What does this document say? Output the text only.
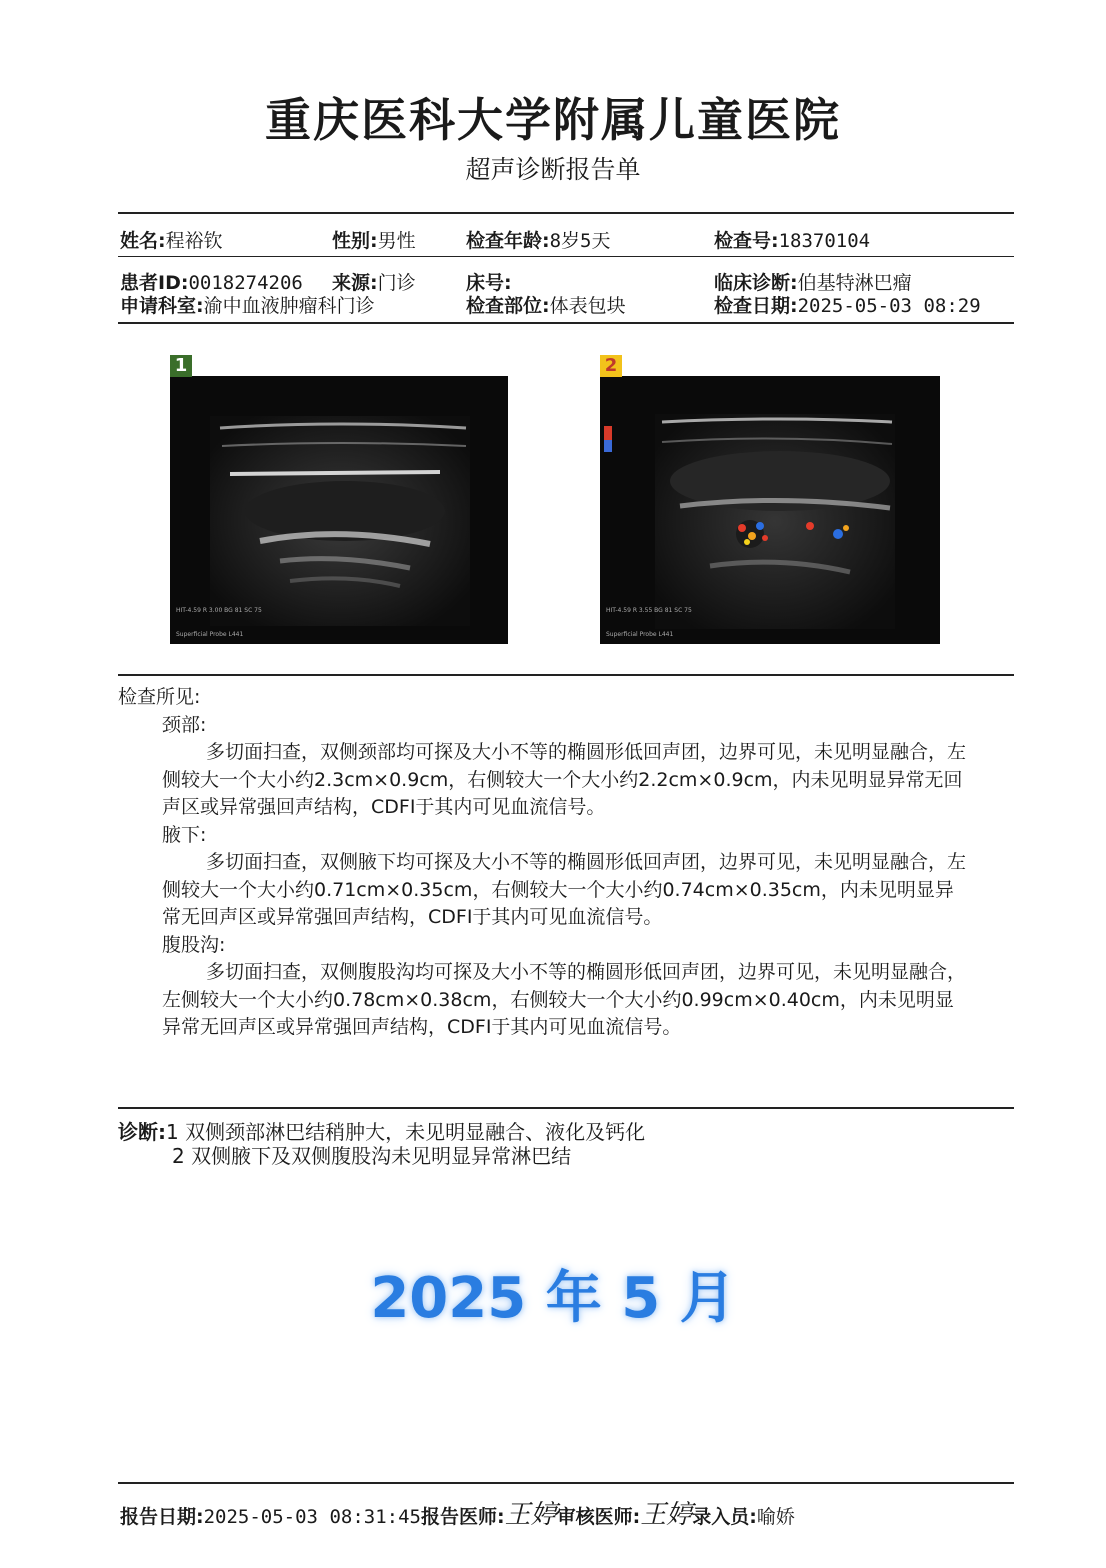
重庆医科大学附属儿童医院
超声诊断报告单
姓名:程裕钦	性别:男性	检查年龄:8岁5天	检查号:18370104
患者ID:0018274206 来源:门诊	床号:	临床诊断:伯基特淋巴瘤
申请科室:渝中血液肿瘤科门诊	检查部位:体表包块	检查日期:2025-05-03 08:29
HIT-4.59 R 3.00 BG 81 SC 75
Superficial Probe L441
1
HIT-4.59 R 3.55 BG 81 SC 75
Superficial Probe L441
2
检查所见:
颈部:
多切面扫查，双侧颈部均可探及大小不等的椭圆形低回声团，边界可见，未见明显融合，左侧较大一个大小约2.3cm×0.9cm，右侧较大一个大小约2.2cm×0.9cm，内未见明显异常无回声区或异常强回声结构，CDFI于其内可见血流信号。
腋下:
多切面扫查，双侧腋下均可探及大小不等的椭圆形低回声团，边界可见，未见明显融合，左侧较大一个大小约0.71cm×0.35cm，右侧较大一个大小约0.74cm×0.35cm，内未见明显异常无回声区或异常强回声结构，CDFI于其内可见血流信号。
腹股沟:
多切面扫查，双侧腹股沟均可探及大小不等的椭圆形低回声团，边界可见，未见明显融合，左侧较大一个大小约0.78cm×0.38cm，右侧较大一个大小约0.99cm×0.40cm，内未见明显异常无回声区或异常强回声结构，CDFI于其内可见血流信号。
诊断:1 双侧颈部淋巴结稍肿大，未见明显融合、液化及钙化
2 双侧腋下及双侧腹股沟未见明显异常淋巴结
2025 年 5 月
报告日期:2025-05-03 08:31:45报告医师:王婷审核医师:王婷录入员:喻娇
